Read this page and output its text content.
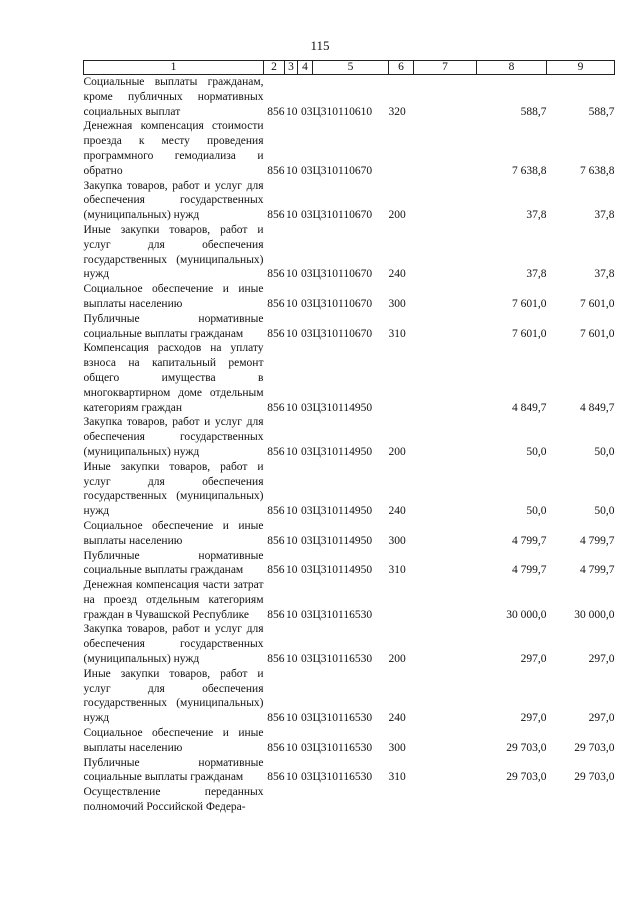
115
1	2	3	4	5	6	7	8	9
Социальные выплаты гражданам, кроме публичных нормативных социальных выплат	856	10	03	Ц310110610	320		588,7	588,7
Денежная компенсация стоимости проезда к месту проведения программного гемодиализа и обратно	856	10	03	Ц310110670			7 638,8	7 638,8
Закупка товаров, работ и услуг для обеспечения государственных (муниципальных) нужд	856	10	03	Ц310110670	200		37,8	37,8
Иные закупки товаров, работ и услуг для обеспечения государственных (муниципальных) нужд	856	10	03	Ц310110670	240		37,8	37,8
Социальное обеспечение и иные выплаты населению	856	10	03	Ц310110670	300		7 601,0	7 601,0
Публичные нормативные социальные выплаты гражданам	856	10	03	Ц310110670	310		7 601,0	7 601,0
Компенсация расходов на уплату взноса на капитальный ремонт общего имущества в многоквартирном доме отдельным категориям граждан	856	10	03	Ц310114950			4 849,7	4 849,7
Закупка товаров, работ и услуг для обеспечения государственных (муниципальных) нужд	856	10	03	Ц310114950	200		50,0	50,0
Иные закупки товаров, работ и услуг для обеспечения государственных (муниципальных) нужд	856	10	03	Ц310114950	240		50,0	50,0
Социальное обеспечение и иные выплаты населению	856	10	03	Ц310114950	300		4 799,7	4 799,7
Публичные нормативные социальные выплаты гражданам	856	10	03	Ц310114950	310		4 799,7	4 799,7
Денежная компенсация части затрат на проезд отдельным категориям граждан в Чувашской Республике	856	10	03	Ц310116530			30 000,0	30 000,0
Закупка товаров, работ и услуг для обеспечения государственных (муниципальных) нужд	856	10	03	Ц310116530	200		297,0	297,0
Иные закупки товаров, работ и услуг для обеспечения государственных (муниципальных) нужд	856	10	03	Ц310116530	240		297,0	297,0
Социальное обеспечение и иные выплаты населению	856	10	03	Ц310116530	300		29 703,0	29 703,0
Публичные нормативные социальные выплаты гражданам	856	10	03	Ц310116530	310		29 703,0	29 703,0
Осуществление переданных полномочий Российской Федера-								
